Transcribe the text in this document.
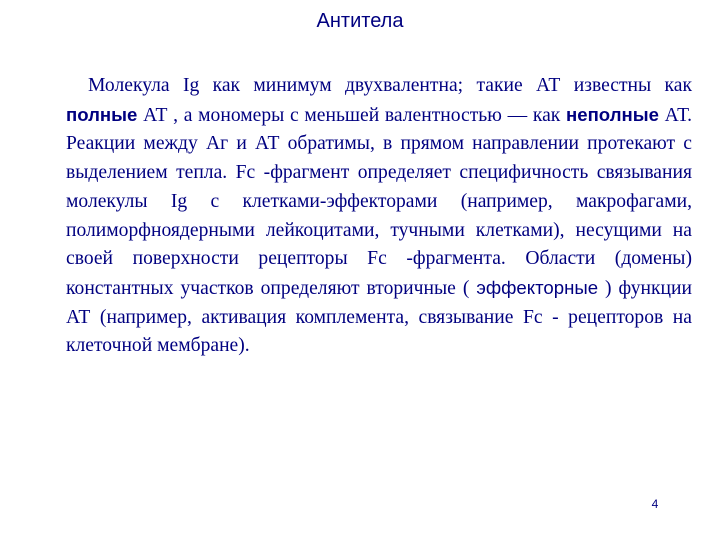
Антитела

Молекула Ig как минимум двухвалентна; такие АТ известны как полные АТ , а мономеры с меньшей валентностью — как неполные АТ. Реакции между Аг и АТ обратимы, в прямом направлении протекают с выделением тепла. Fc -фрагмент определяет специфичность связывания молекулы Ig с клетками-эффекторами (например, макрофагами, полиморфноядерными лейкоцитами, тучными клетками), несущими на своей поверхности рецепторы Fc -фрагмента. Области (домены) константных участков определяют вторичные ( эффекторные ) функции АТ (например, активация комплемента, связывание Fc - рецепторов на клеточной мембране).

4
